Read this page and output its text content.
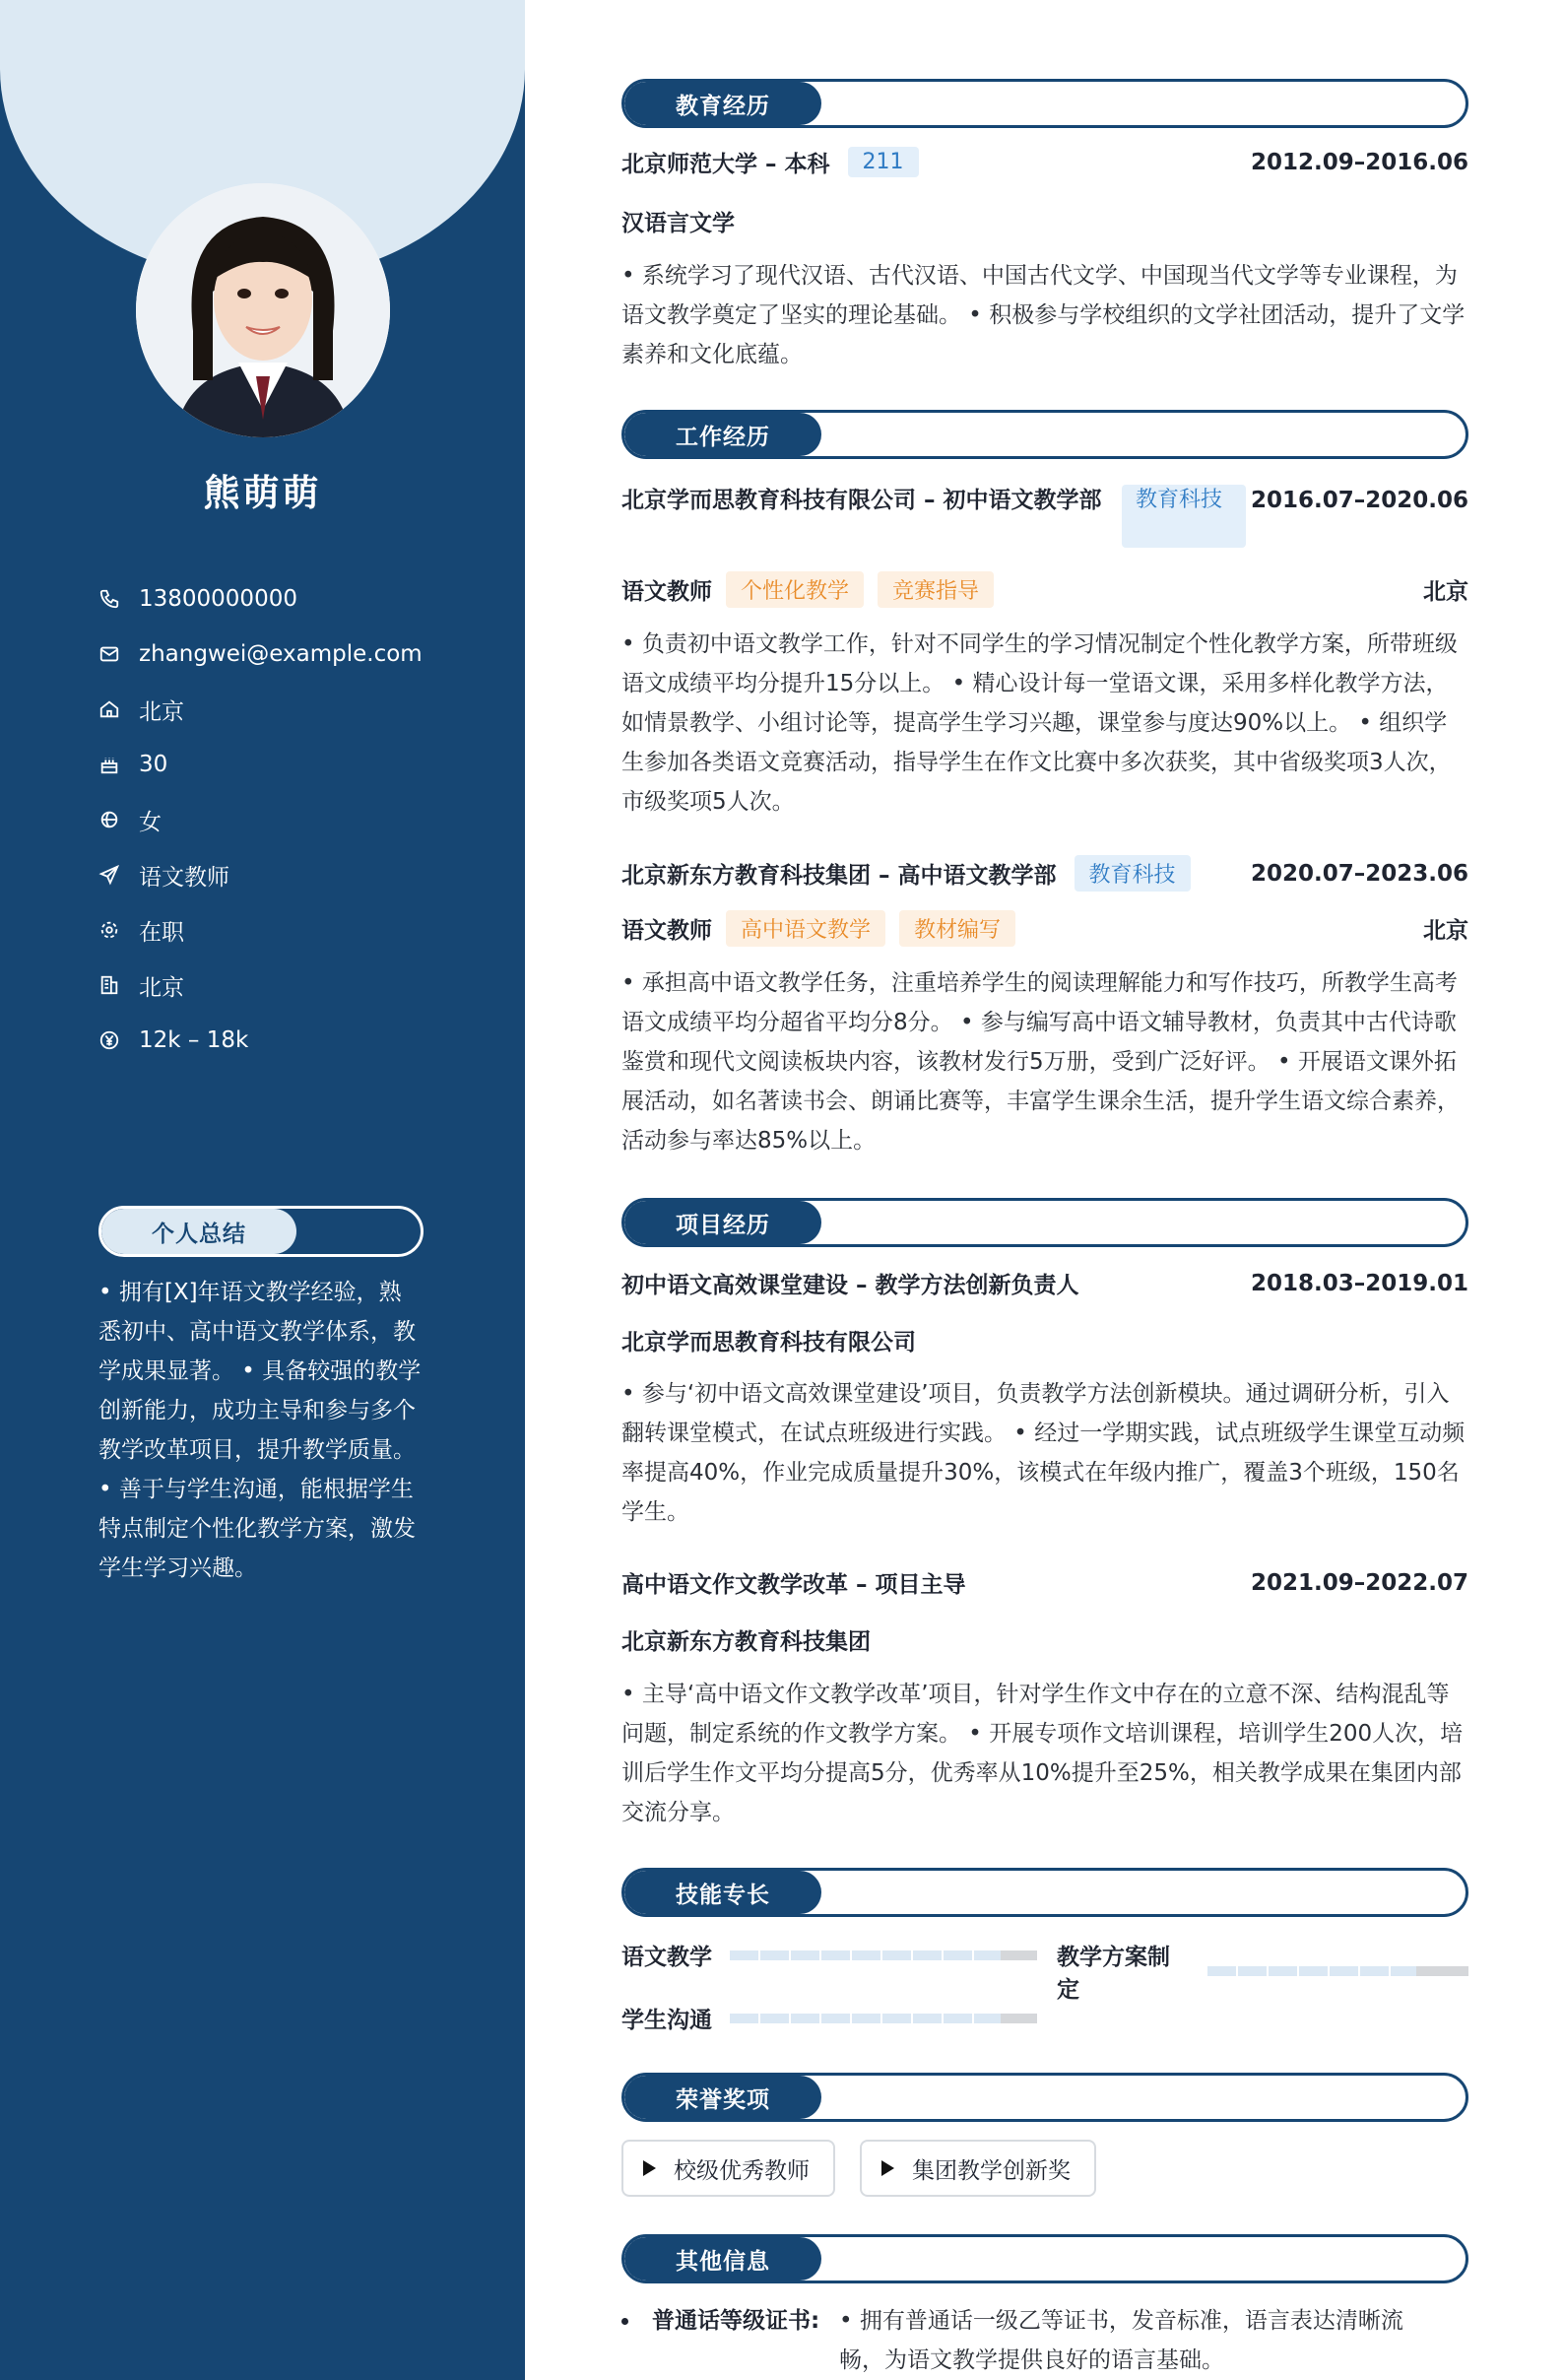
熊萌萌
13800000000
zhangwei@example.com
北京
30
女
语文教师
在职
北京
12k – 18k
个人总结
• 拥有[X]年语文教学经验，熟悉初中、高中语文教学体系，教学成果显著。 • 具备较强的教学创新能力，成功主导和参与多个教学改革项目，提升教学质量。 • 善于与学生沟通，能根据学生特点制定个性化教学方案，激发学生学习兴趣。
教育经历
北京师范大学 – 本科	211	2012.09–2016.06
汉语言文学
• 系统学习了现代汉语、古代汉语、中国古代文学、中国现当代文学等专业课程，为语文教学奠定了坚实的理论基础。 • 积极参与学校组织的文学社团活动，提升了文学素养和文化底蕴。
工作经历
北京学而思教育科技有限公司 – 初中语文教学部	教育科技	2016.07–2020.06
语文教师	个性化教学	竞赛指导	北京
• 负责初中语文教学工作，针对不同学生的学习情况制定个性化教学方案，所带班级语文成绩平均分提升15分以上。 • 精心设计每一堂语文课，采用多样化教学方法，如情景教学、小组讨论等，提高学生学习兴趣，课堂参与度达90%以上。 • 组织学生参加各类语文竞赛活动，指导学生在作文比赛中多次获奖，其中省级奖项3人次，市级奖项5人次。
北京新东方教育科技集团 – 高中语文教学部	教育科技	2020.07–2023.06
语文教师	高中语文教学	教材编写	北京
• 承担高中语文教学任务，注重培养学生的阅读理解能力和写作技巧，所教学生高考语文成绩平均分超省平均分8分。 • 参与编写高中语文辅导教材，负责其中古代诗歌鉴赏和现代文阅读板块内容，该教材发行5万册，受到广泛好评。 • 开展语文课外拓展活动，如名著读书会、朗诵比赛等，丰富学生课余生活，提升学生语文综合素养，活动参与率达85%以上。
项目经历
初中语文高效课堂建设 – 教学方法创新负责人	2018.03–2019.01
北京学而思教育科技有限公司
• 参与‘初中语文高效课堂建设’项目，负责教学方法创新模块。通过调研分析，引入翻转课堂模式，在试点班级进行实践。 • 经过一学期实践，试点班级学生课堂互动频率提高40%，作业完成质量提升30%，该模式在年级内推广，覆盖3个班级，150名学生。
高中语文作文教学改革 – 项目主导	2021.09–2022.07
北京新东方教育科技集团
• 主导‘高中语文作文教学改革’项目，针对学生作文中存在的立意不深、结构混乱等问题，制定系统的作文教学方案。 • 开展专项作文培训课程，培训学生200人次，培训后学生作文平均分提高5分，优秀率从10%提升至25%，相关教学成果在集团内部交流分享。
技能专长
语文教学	教学方案制定
学生沟通
荣誉奖项
校级优秀教师	集团教学创新奖
其他信息
普通话等级证书: • 拥有普通话一级乙等证书，发音标准，语言表达清晰流畅，为语文教学提供良好的语言基础。
